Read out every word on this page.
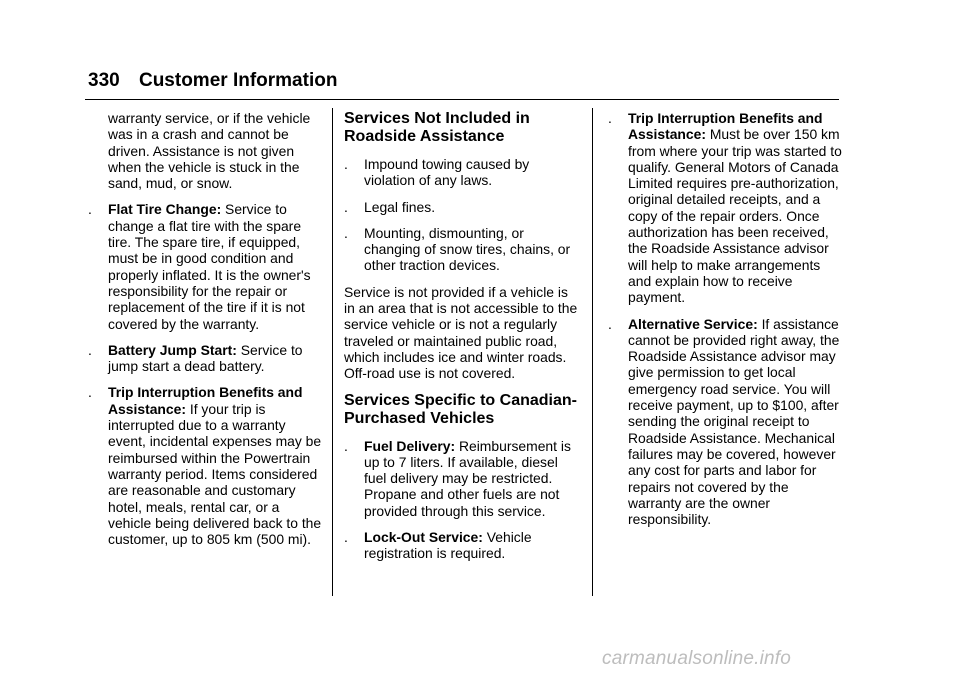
330 Customer Information

warranty service, or if the vehicle was in a crash and cannot be driven. Assistance is not given when the vehicle is stuck in the sand, mud, or snow.

. Flat Tire Change: Service to change a flat tire with the spare tire. The spare tire, if equipped, must be in good condition and properly inflated. It is the owner's responsibility for the repair or replacement of the tire if it is not covered by the warranty.
. Battery Jump Start: Service to jump start a dead battery.
. Trip Interruption Benefits and Assistance: If your trip is interrupted due to a warranty event, incidental expenses may be reimbursed within the Powertrain warranty period. Items considered are reasonable and customary hotel, meals, rental car, or a vehicle being delivered back to the customer, up to 805 km (500 mi).
Services Not Included in Roadside Assistance
. Impound towing caused by violation of any laws.
. Legal fines.
. Mounting, dismounting, or changing of snow tires, chains, or other traction devices.

Service is not provided if a vehicle is in an area that is not accessible to the service vehicle or is not a regularly traveled or maintained public road, which includes ice and winter roads. Off-road use is not covered.

Services Specific to Canadian-Purchased Vehicles
. Fuel Delivery: Reimbursement is up to 7 liters. If available, diesel fuel delivery may be restricted. Propane and other fuels are not provided through this service.
. Lock-Out Service: Vehicle registration is required.
. Trip Interruption Benefits and Assistance: Must be over 150 km from where your trip was started to qualify. General Motors of Canada Limited requires pre-authorization, original detailed receipts, and a copy of the repair orders. Once authorization has been received, the Roadside Assistance advisor will help to make arrangements and explain how to receive payment.
. Alternative Service: If assistance cannot be provided right away, the Roadside Assistance advisor may give permission to get local emergency road service. You will receive payment, up to $100, after sending the original receipt to Roadside Assistance. Mechanical failures may be covered, however any cost for parts and labor for repairs not covered by the warranty are the owner responsibility.
carmanualsonline.info
